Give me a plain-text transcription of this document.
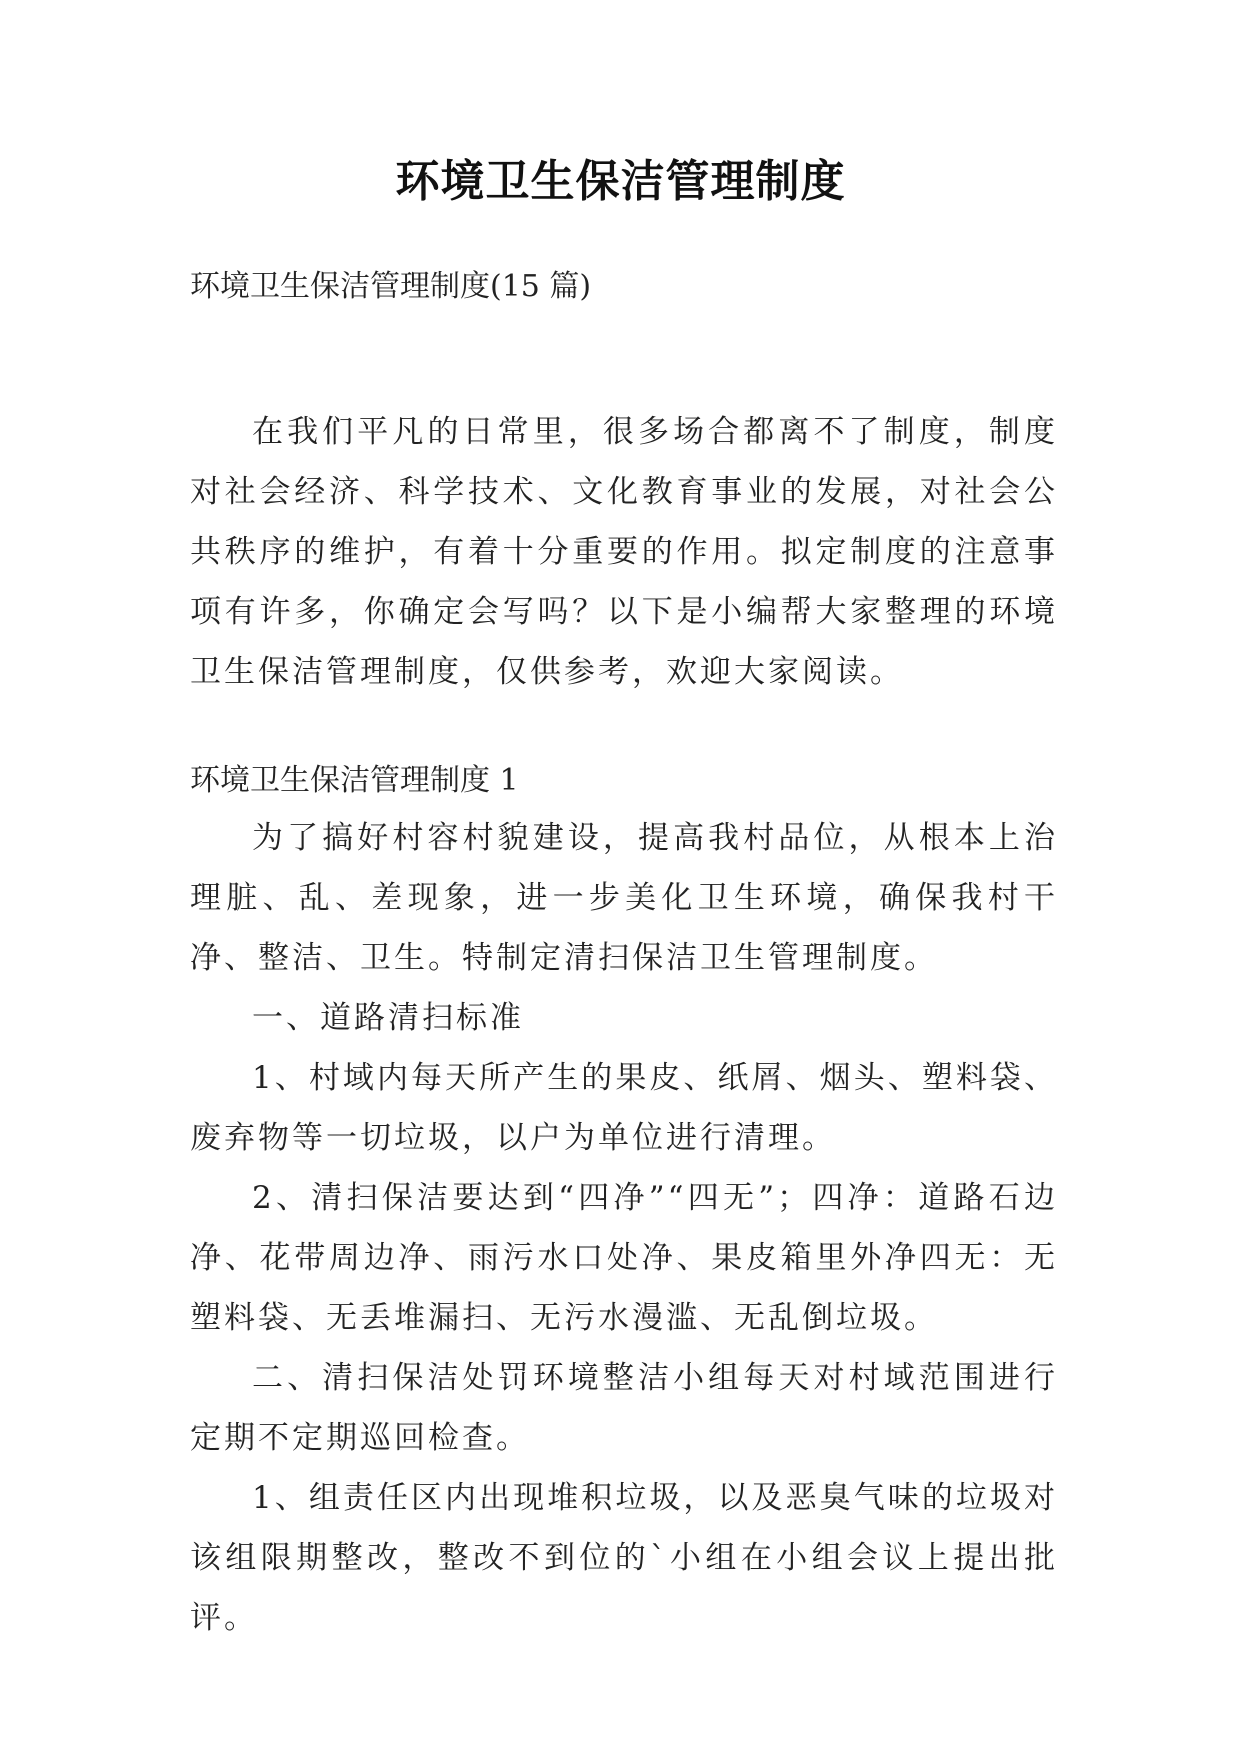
环境卫生保洁管理制度
环境卫生保洁管理制度(15 篇)

在我们平凡的日常里，很多场合都离不了制度，制度对社会经济、科学技术、文化教育事业的发展，对社会公共秩序的维护，有着十分重要的作用。拟定制度的注意事项有许多，你确定会写吗？以下是小编帮大家整理的环境卫生保洁管理制度，仅供参考，欢迎大家阅读。

环境卫生保洁管理制度 1

为了搞好村容村貌建设，提高我村品位，从根本上治理脏、乱、差现象，进一步美化卫生环境，确保我村干净、整洁、卫生。特制定清扫保洁卫生管理制度。

一、道路清扫标准

1、村域内每天所产生的果皮、纸屑、烟头、塑料袋、废弃物等一切垃圾，以户为单位进行清理。

2、清扫保洁要达到“四净”“四无”；四净：道路石边净、花带周边净、雨污水口处净、果皮箱里外净四无：无塑料袋、无丢堆漏扫、无污水漫滥、无乱倒垃圾。

二、清扫保洁处罚环境整洁小组每天对村域范围进行定期不定期巡回检查。

1、组责任区内出现堆积垃圾，以及恶臭气味的垃圾对该组限期整改，整改不到位的`小组在小组会议上提出批评。
